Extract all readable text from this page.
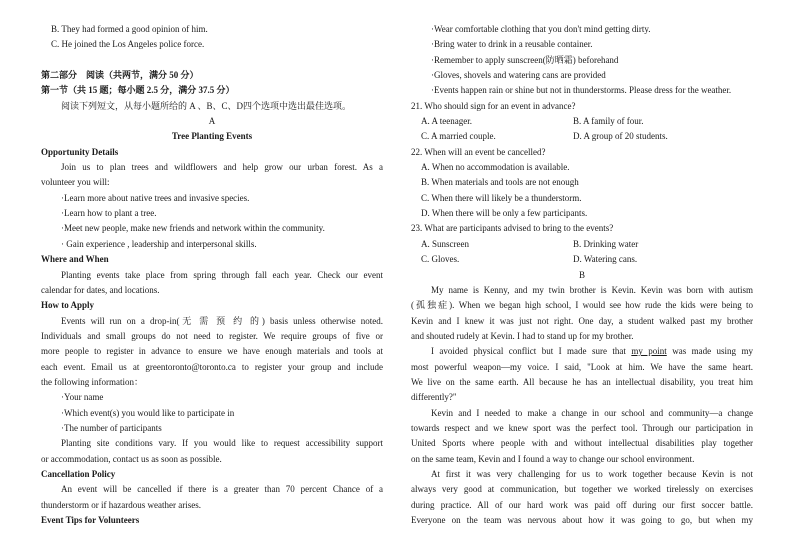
B. They had formed a good opinion of him.
C. He joined the Los Angeles police force.
第二部分　阅读（共两节，满分 50 分）
第一节（共 15 题；每小题 2.5 分，满分 37.5 分）
阅读下列短文，从每小题所给的 A 、B、C、D四个选项中选出最佳选项。
A
Tree Planting Events
Opportunity Details
Join us to plan trees and wildflowers and help grow our urban forest. As a
volunteer you will:
·Learn more about native trees and invasive species.
·Learn how to plant a tree.
·Meet new people, make new friends and network within the community.
· Gain experience , leadership and interpersonal skills.
Where and When
Planting events take place from spring through fall each year. Check our event
calendar for dates, and locations.
How to Apply
Events will run on a drop-in(无 需 预 约 的) basis unless otherwise noted.
Individuals and small groups do not need to register. We require groups of five or
more people to register in advance to ensure we have enough materials and tools at
each event. Email us at greentoronto@toronto.ca to register your group and include
the following information：
·Your name
·Which event(s) you would like to participate in
·The number of participants
Planting site conditions vary. If you would like to request accessibility support
or accommodation, contact us as soon as possible.
Cancellation Policy
An event will be cancelled if there is a greater than 70 percent Chance of a
thunderstorm or if hazardous weather arises.
Event Tips for Volunteers
·Wear comfortable clothing that you don't mind getting dirty.
·Bring water to drink in a reusable container.
·Remember to apply sunscreen(防晒霜) beforehand
·Gloves, shovels and watering cans are provided
·Events happen rain or shine but not in thunderstorms. Please dress for the weather.
21. Who should sign for an event in advance?
A. A teenager.	B. A family of four.
C. A married couple.	D. A group of 20 students.
22. When will an event be cancelled?
A. When no accommodation is available.
B. When materials and tools are not enough
C. When there will likely be a thunderstorm.
D. When there will be only a few participants.
23. What are participants advised to bring to the events?
A. Sunscreen	B. Drinking water
C. Gloves.	D. Watering cans.
B
My name is Kenny, and my twin brother is Kevin. Kevin was born with autism
(孤独症). When we began high school, I would see how rude the kids were being to
Kevin and I knew it was just not right. One day, a student walked past my brother
and shouted rudely at Kevin. I had to stand up for my brother.
I avoided physical conflict but I made sure that my point was made using my
most powerful weapon—my voice. I said, "Look at him. We have the same heart.
We live on the same earth. All because he has an intellectual disability, you treat him
differently?"
Kevin and I needed to make a change in our school and community—a change
towards respect and we knew sport was the perfect tool. Through our participation in
United Sports where people with and without intellectual disabilities play together
on the same team, Kevin and I found a way to change our school environment.
At first it was very challenging for us to work together because Kevin is not
always very good at communication, but together we worked tirelessly on exercises
during practice. All of our hard work was paid off during our first soccer battle.
Everyone on the team was nervous about how it was going to go, but when my
